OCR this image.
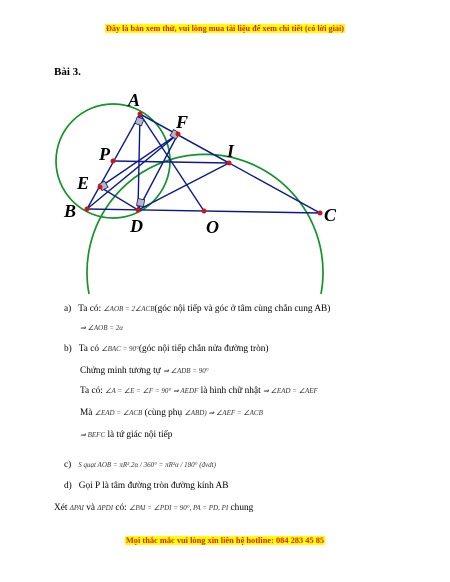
Đây là bản xem thử, vui lòng mua tài liệu để xem chi tiết (có lời giải)
Bài 3.
A
F
P	I
E
B
D	O
C
a) Ta có: ∠AOB = 2∠ACB(góc nội tiếp và góc ở tâm cùng chắn cung AB)
⇒ ∠AOB = 2α
b) Ta có ∠BAC = 90°(góc nội tiếp chắn nửa đường tròn)
Chứng minh tương tự ⇒ ∠ADB = 90°
Ta có: ∠A = ∠E = ∠F = 90° ⇒ AEDF là hình chữ nhật ⇒ ∠EAD = ∠AEF
Mà ∠EAD = ∠ACB (cùng phụ ∠ABD) ⇒ ∠AEF = ∠ACB
⇒ BEFC là tứ giác nội tiếp
c) S quạt AOB = πR².2α / 360° = πR²α / 180° (đvdt)
d) Gọi P là tâm đường tròn đường kính AB
Xét ΔPAI và ΔPDI có: ∠PAI = ∠PDI = 90°, PA = PD, PI chung
Mọi thắc mắc vui lòng xin liên hệ hotline: 084 283 45 85
